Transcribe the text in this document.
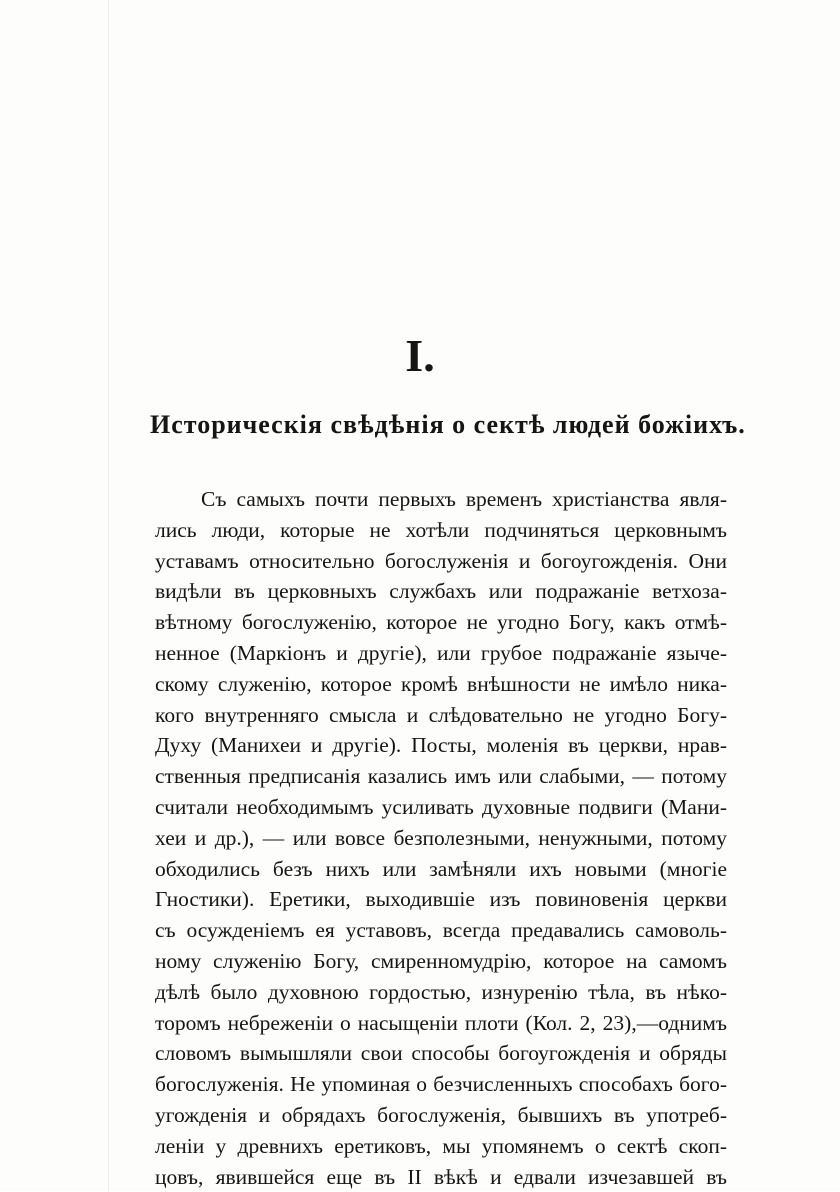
I.
Историческія свѣдѣнія о сектѣ людей божіихъ.
Съ самыхъ почти первыхъ временъ христіанства явля-
лись люди, которые не хотѣли подчиняться церковнымъ
уставамъ относительно богослуженія и богоугожденія. Они
видѣли въ церковныхъ службахъ или подражаніе ветхоза-
вѣтному богослуженію, которое не угодно Богу, какъ отмѣ-
ненное (Маркіонъ и другіе), или грубое подражаніе языче-
скому служенію, которое кромѣ внѣшности не имѣло ника-
кого внутренняго смысла и слѣдовательно не угодно Богу-
Духу (Манихеи и другіе). Посты, моленія въ церкви, нрав-
ственныя предписанія казались имъ или слабыми, — потому
считали необходимымъ усиливать духовные подвиги (Мани-
хеи и др.), — или вовсе безполезными, ненужными, потому
обходились безъ нихъ или замѣняли ихъ новыми (многіе
Гностики). Еретики, выходившіе изъ повиновенія церкви
съ осужденіемъ ея уставовъ, всегда предавались самоволь-
ному служенію Богу, смиренномудрію, которое на самомъ
дѣлѣ было духовною гордостью, изнуренію тѣла, въ нѣко-
торомъ небреженіи о насыщеніи плоти (Кол. 2, 23),—однимъ
словомъ вымышляли свои способы богоугожденія и обряды
богослуженія. Не упоминая о безчисленныхъ способахъ бого-
угожденія и обрядахъ богослуженія, бывшихъ въ употреб-
леніи у древнихъ еретиковъ, мы упомянемъ о сектѣ скоп-
цовъ, явившейся еще въ II вѣкѣ и едвали изчезавшей въ
